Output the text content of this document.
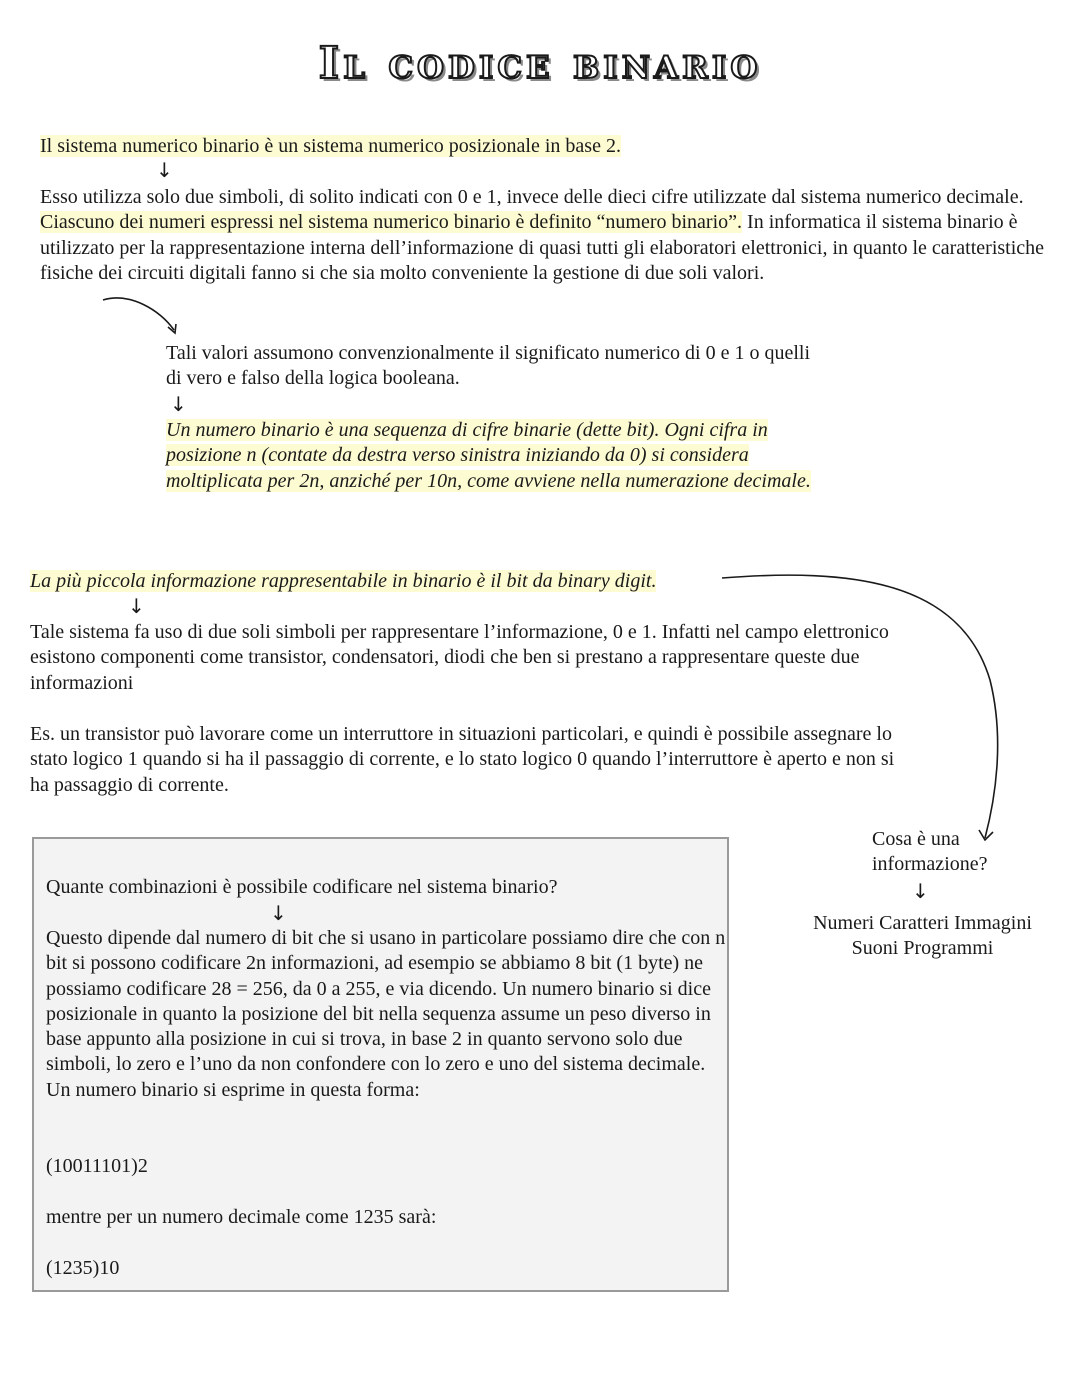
Il codice binario

Il sistema numerico binario è un sistema numerico posizionale in base 2.

↓

Esso utilizza solo due simboli, di solito indicati con 0 e 1, invece delle dieci cifre utilizzate dal sistema numerico decimale. Ciascuno dei numeri espressi nel sistema numerico binario è definito “numero binario”. In informatica il sistema binario è utilizzato per la rappresentazione interna dell’informazione di quasi tutti gli elaboratori elettronici, in quanto le caratteristiche fisiche dei circuiti digitali fanno si che sia molto conveniente la gestione di due soli valori.

Tali valori assumono convenzionalmente il significato numerico di 0 e 1 o quelli di vero e falso della logica booleana.

↓

Un numero binario è una sequenza di cifre binarie (dette bit). Ogni cifra in posizione n (contate da destra verso sinistra iniziando da 0) si considera moltiplicata per 2n, anziché per 10n, come avviene nella numerazione decimale.

La più piccola informazione rappresentabile in binario è il bit da binary digit.

↓

Tale sistema fa uso di due soli simboli per rappresentare l’informazione, 0 e 1. Infatti nel campo elettronico esistono componenti come transistor, condensatori, diodi che ben si prestano a rappresentare queste due informazioni

Es. un transistor può lavorare come un interruttore in situazioni particolari, e quindi è possibile assegnare lo stato logico 1 quando si ha il passaggio di corrente, e lo stato logico 0 quando l’interruttore è aperto e non si ha passaggio di corrente.

Cosa è una informazione?

↓

Numeri Caratteri Immagini Suoni Programmi

Quante combinazioni è possibile codificare nel sistema binario?

↓

Questo dipende dal numero di bit che si usano in particolare possiamo dire che con n bit si possono codificare 2n informazioni, ad esempio se abbiamo 8 bit (1 byte) ne possiamo codificare 28 = 256, da 0 a 255, e via dicendo. Un numero binario si dice posizionale in quanto la posizione del bit nella sequenza assume un peso diverso in base appunto alla posizione in cui si trova, in base 2 in quanto servono solo due simboli, lo zero e l’uno da non confondere con lo zero e uno del sistema decimale. Un numero binario si esprime in questa forma:

(10011101)2

mentre per un numero decimale come 1235 sarà:

(1235)10
